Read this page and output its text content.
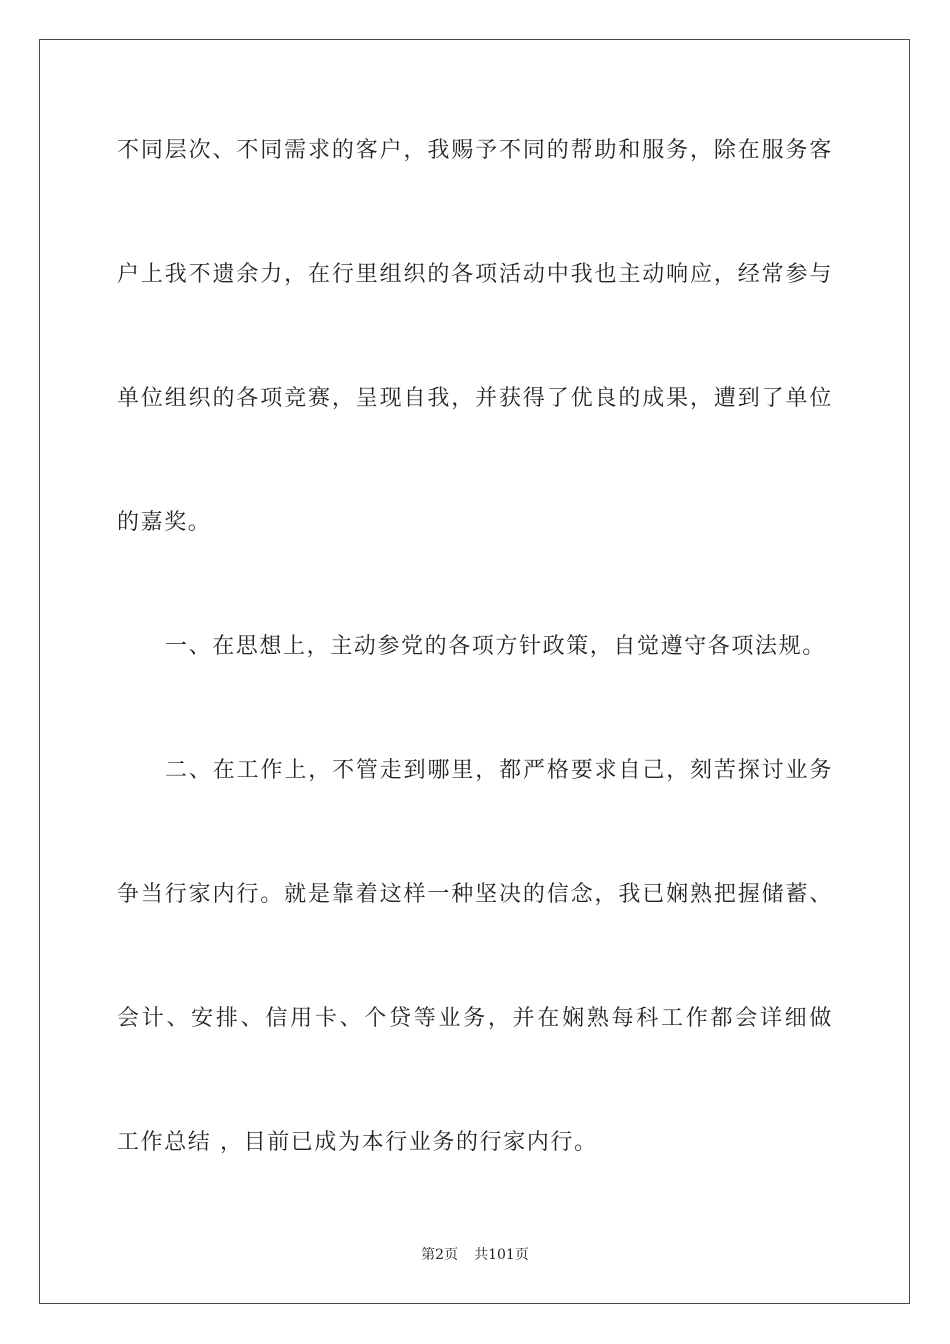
不同层次、不同需求的客户，我赐予不同的帮助和服务，除在服务客
户上我不遗余力，在行里组织的各项活动中我也主动响应，经常参与
单位组织的各项竞赛，呈现自我，并获得了优良的成果，遭到了单位
的嘉奖。
一、在思想上，主动参党的各项方针政策，自觉遵守各项法规。
二、在工作上，不管走到哪里，都严格要求自己，刻苦探讨业务
争当行家内行。就是靠着这样一种坚决的信念，我已娴熟把握储蓄、
会计、安排、信用卡、个贷等业务，并在娴熟每科工作都会详细做
工作总结 ，目前已成为本行业务的行家内行。
第2页 共101页
